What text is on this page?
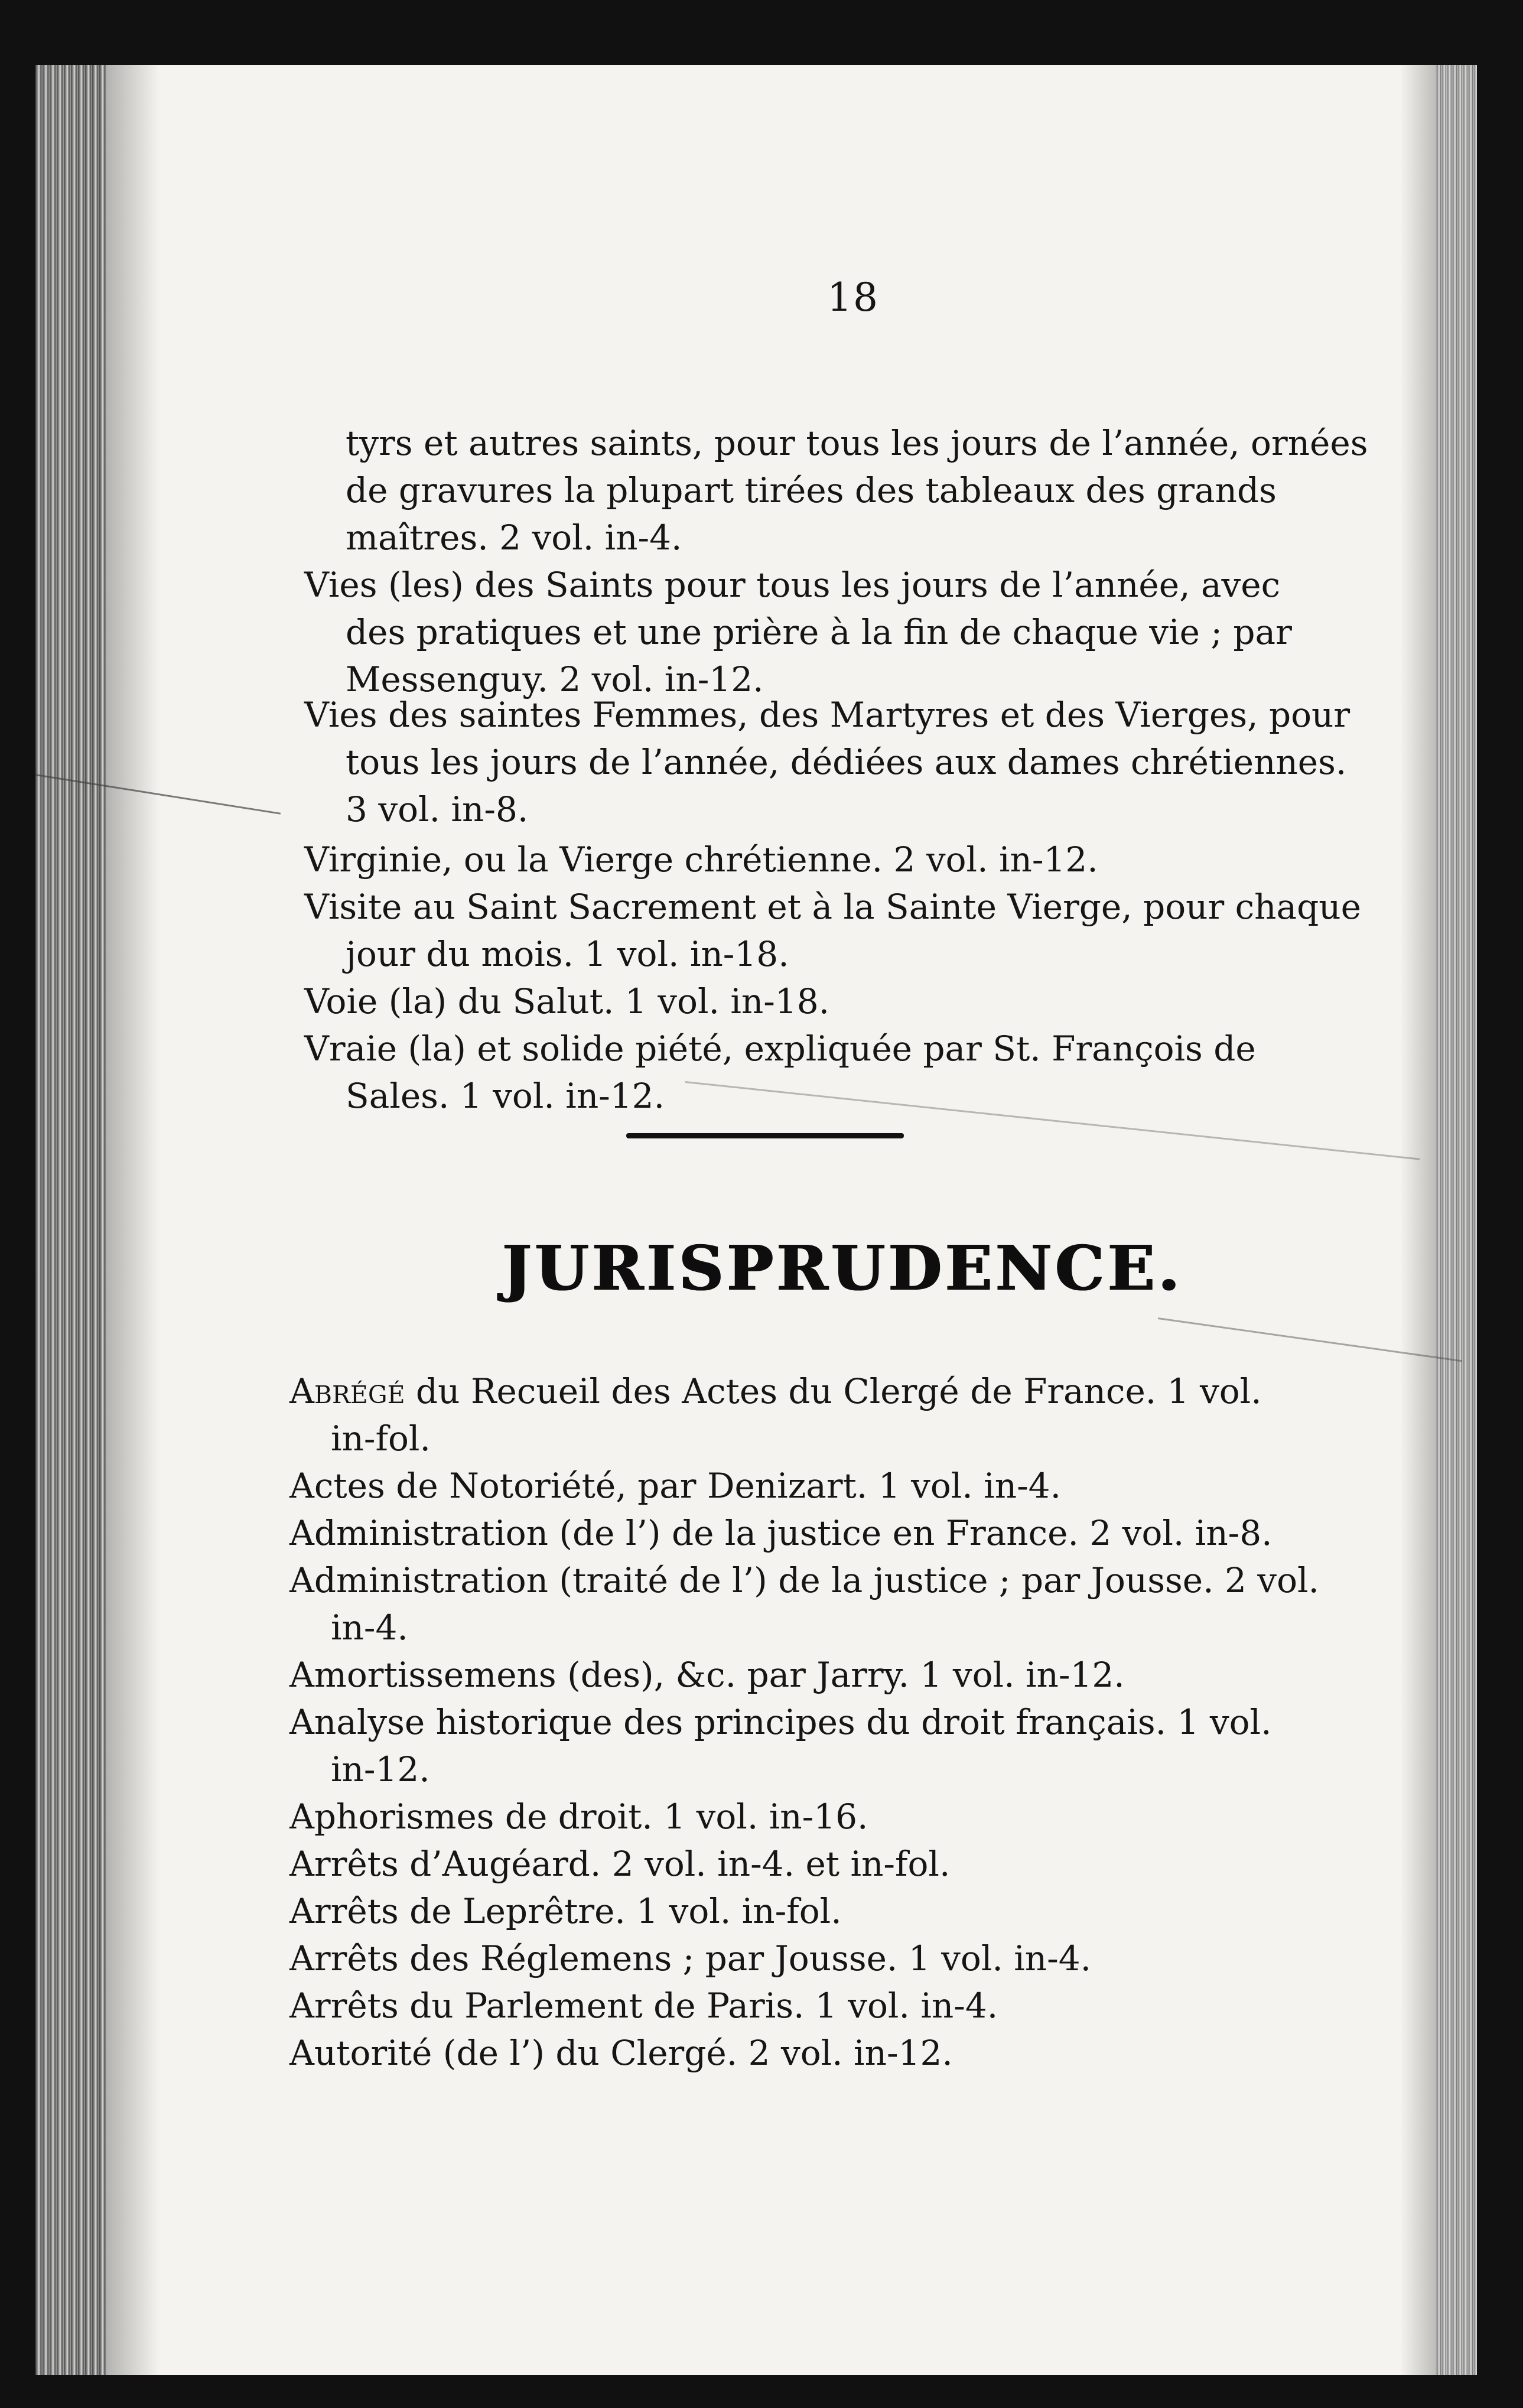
18
tyrs et autres saints, pour tous les jours de l’année, ornées
de gravures la plupart tirées des tableaux des grands
maîtres. 2 vol. in-4.
Vies (les) des Saints pour tous les jours de l’année, avec
des pratiques et une prière à la fin de chaque vie ; par
Messenguy. 2 vol. in-12.
Vies des saintes Femmes, des Martyres et des Vierges, pour
tous les jours de l’année, dédiées aux dames chrétiennes.
3 vol. in-8.
Virginie, ou la Vierge chrétienne. 2 vol. in-12.
Visite au Saint Sacrement et à la Sainte Vierge, pour chaque
jour du mois. 1 vol. in-18.
Voie (la) du Salut. 1 vol. in-18.
Vraie (la) et solide piété, expliquée par St. François de
Sales. 1 vol. in-12.
JURISPRUDENCE.
Abrégé du Recueil des Actes du Clergé de France. 1 vol.
in-fol.
Actes de Notoriété, par Denizart. 1 vol. in-4.
Administration (de l’) de la justice en France. 2 vol. in-8.
Administration (traité de l’) de la justice ; par Jousse. 2 vol.
in-4.
Amortissemens (des), &c. par Jarry. 1 vol. in-12.
Analyse historique des principes du droit français. 1 vol.
in-12.
Aphorismes de droit. 1 vol. in-16.
Arrêts d’Augéard. 2 vol. in-4. et in-fol.
Arrêts de Leprêtre. 1 vol. in-fol.
Arrêts des Réglemens ; par Jousse. 1 vol. in-4.
Arrêts du Parlement de Paris. 1 vol. in-4.
Autorité (de l’) du Clergé. 2 vol. in-12.
